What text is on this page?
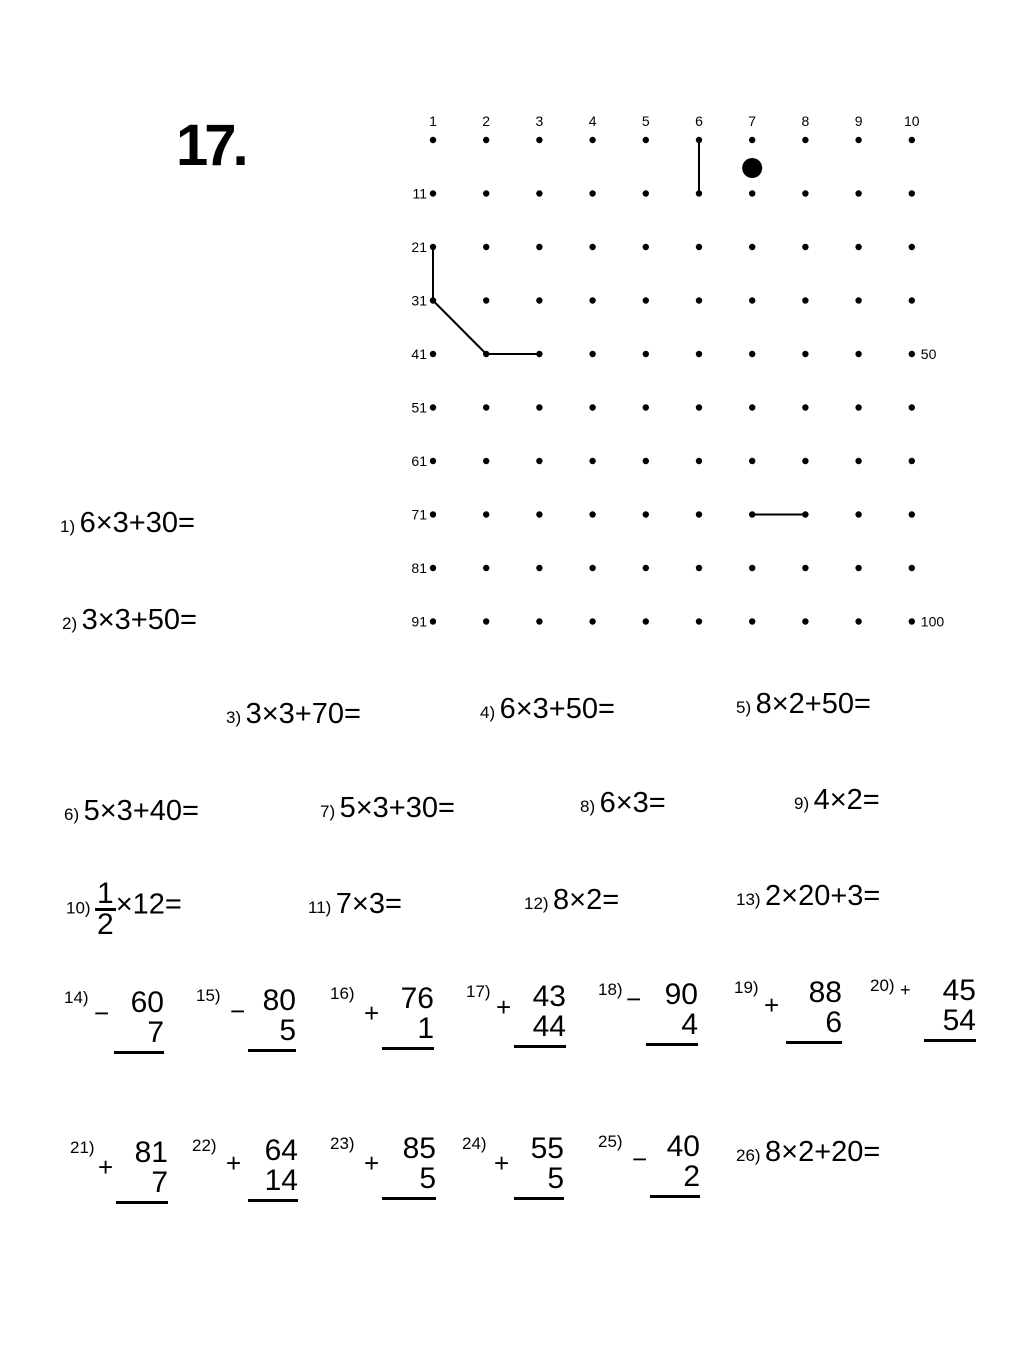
17.	1	2	3	4	5	6	7	8	9	10
11
21
31
41
51
61
71
81
91
50
100
1) 6×3+30=
2) 3×3+50=
3) 3×3+70=	4) 6×3+50=	5) 8×2+50=
6) 5×3+40=	7) 5×3+30=	8) 6×3=	9) 4×2=
$10) \frac{1}{2} \times 12=$	11) 7×3=	12) 8×2=	13) 2×20+3=
14)
− 60
7
15)
− 80
5
16)
+ 76
1
17)
+ 43
44
18) − 90
4
19)
+ 88
6
20) +	45
54
21)
+ 81
7
22)
+ 64
14
23)
+ 85
5
24)
+ 55
5
25)
− 40
2
26) 8×2+20=
